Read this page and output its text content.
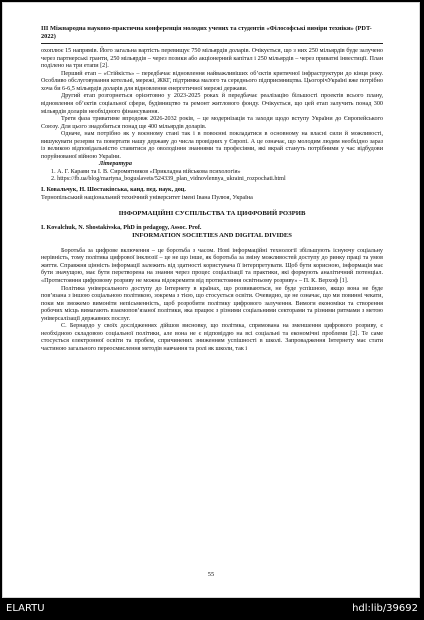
III Міжнародна науково-практична конференція молодих учених та студентів «Філософські виміри техніки» (PDT-2022)

охоплює 15 напрямів. Його загальна вартість перевищує 750 мільярдів доларів. Очікується, що з них 250 мільярдів буде залучено через партнерські гранти, 250 мільярдів – через позики або акціонерний капітал і 250 мільярдів – через приватні інвестиції. План поділено на три етапи [2].

Перший етап – «Стійкість» – передбачає відновлення найважливіших об’єктів критичної інфраструктури до кінця року. Особливо обслуговування котельні, мережі, ЖКГ, підтримка малого та середнього підприємництва. ЦьогорічУкраїні вже потрібно хоча би 6-6,5 мільярдів доларів для відновлення енергетичної мережі держави.

Другий етап розгорнеться орієнтовно у 2023-2025 роках й передбачає реалізацію більшості проектів всього плану, відновлення об’єктів соціальної сфери, будівництво та ремонт житлового фонду. Очікується, що цей етап залучить понад 300 мільярдів доларів необхідного фінансування.

Третя фаза триватиме впродовж 2026-2032 років, – це модернізація та заходи щодо вступу України до Європейського Союзу. Для цього знадобиться понад ще 400 мільярдів доларів.

Одначе, нам потрібно як у воєнному стані так і в повоєнні покладатися в основному на власні сили й можливості, вишукувати резерви та повертати нашу державу до числа провідних у Європі. А це означає, що молодим людям необхідно зараз із великою відповідальністю ставитися до оволодіння знаннями та професіями, які вкрай стануть потрібними у час відбудови поруйнованої війною України.

Література

1. А. Г. Карави та І. В. Сиромятников «Прикладна військова психологія»

2. https://fb.ua/blog/martyna_boguslavets/524339_plan_vidnovlennya_ukraini_rozpochati.html

І. Ковальчук, Н. Шостаківська, канд. пед. наук, доц.

Тернопільський національний технічний університет імені Івана Пулюя, Україна

ІНФОРМАЦІЙНІ СУСПІЛЬСТВА ТА ЦИФРОВИЙ РОЗРИВ

I. Kovalchuk, N. Shostakivska, PhD in pedagogy, Assoc. Prof.

INFORMATION SOCIETIES AND DIGITAL DIVIDES

Боротьба за цифрове включення – це боротьба з часом. Нові інформаційні технології збільшують існуючу соціальну нерівність, тому політика цифрової інклюзії – це не що інше, як боротьба за зміну можливостей доступу до ринку праці та умов життя. Справжня цінність інформації залежить від здатності користувача її інтерпретувати. Щоб бути корисною, інформація має бути значущою, має бути перетворена на знання через процес соціалізації та практики, які формують аналітичний потенціал. «Протистояння цифровому розриву не можна відокремити від протистояння освітньому розриву» – П. К. Верхоф [1].

Політика універсального доступу до Інтернету в країнах, що розвиваються, не буде успішною, якщо вона не буде пов’язана з іншою соціальною політикою, зокрема з тією, що стосується освіти. Очевидно, це не означає, що ми повинні чекати, поки ми зможемо вимоніти непісьменність, щоб розробити політику цифрового залучення. Вимоги економіки та створення робочих місць вимагають взаємопов’язаної політики, яка працює з різними соціальними секторами та різними ритмами з метою універсалізації державних послуг.

С. Бернардо у своїх дослідженнях дійшов висновку, що політика, спрямована на зменшення цифрового розриву, є необхідною складовою соціальної політики, але вона не є відповіддю на всі соціальні та економічні проблеми [2]. Те саме стосується електронної освіти та пробем, спричинених зниженням успішності в школі. Запровадження Інтернету має стати частиною загального переосмислення методів навчання та ролі як школи, так і

55
ELARTU	hdl:lib/39692
